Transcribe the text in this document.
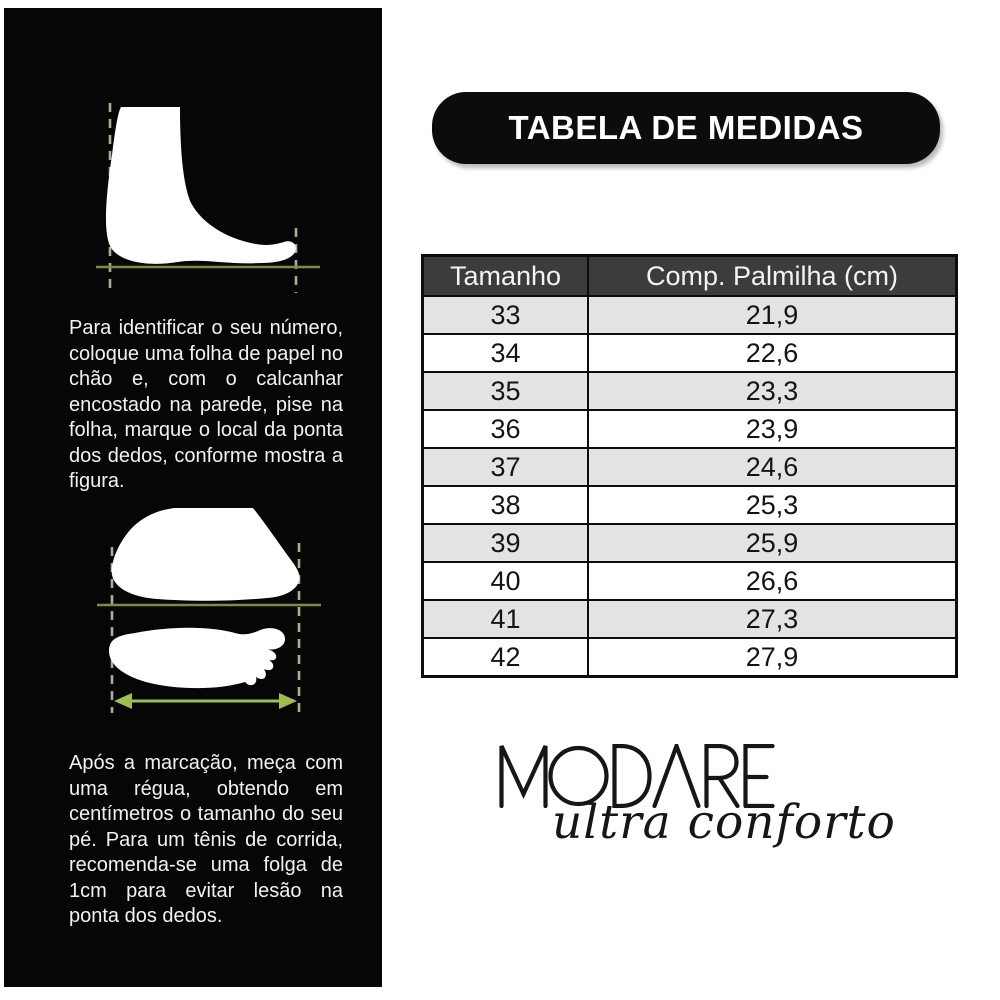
Para identificar o seu número, coloque uma folha de papel no chão e, com o calcanhar encostado na parede, pise na folha, marque o local da ponta dos dedos, conforme mostra a figura.

Após a marcação, meça com uma régua, obtendo em centímetros o tamanho do seu pé. Para um tênis de corrida, recomenda-se uma folga de 1cm para evitar lesão na ponta dos dedos.

TABELA DE MEDIDAS
Tamanho	Comp. Palmilha (cm)
33	21,9
34	22,6
35	23,3
36	23,9
37	24,6
38	25,3
39	25,9
40	26,6
41	27,3
42	27,9
ultra conforto
